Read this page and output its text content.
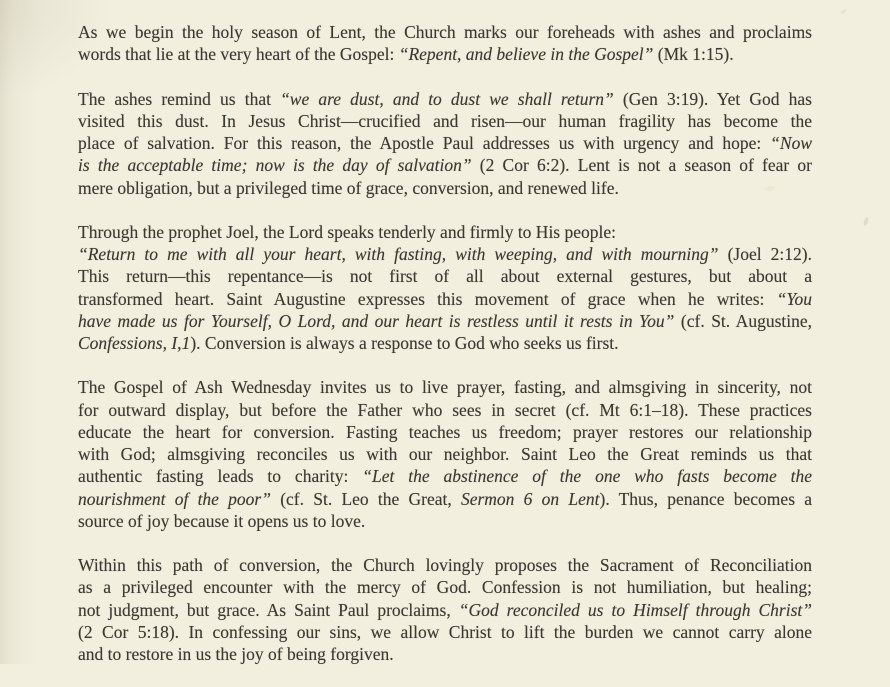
As we begin the holy season of Lent, the Church marks our foreheads with ashes and proclaims
words that lie at the very heart of the Gospel: “Repent, and believe in the Gospel” (Mk 1:15).
The ashes remind us that “we are dust, and to dust we shall return” (Gen 3:19). Yet God has
visited this dust. In Jesus Christ—crucified and risen—our human fragility has become the
place of salvation. For this reason, the Apostle Paul addresses us with urgency and hope: “Now
is the acceptable time; now is the day of salvation” (2 Cor 6:2). Lent is not a season of fear or
mere obligation, but a privileged time of grace, conversion, and renewed life.
Through the prophet Joel, the Lord speaks tenderly and firmly to His people:
“Return to me with all your heart, with fasting, with weeping, and with mourning” (Joel 2:12).
This return—this repentance—is not first of all about external gestures, but about a
transformed heart. Saint Augustine expresses this movement of grace when he writes: “You
have made us for Yourself, O Lord, and our heart is restless until it rests in You” (cf. St. Augustine,
Confessions, I,1). Conversion is always a response to God who seeks us first.
The Gospel of Ash Wednesday invites us to live prayer, fasting, and almsgiving in sincerity, not
for outward display, but before the Father who sees in secret (cf. Mt 6:1–18). These practices
educate the heart for conversion. Fasting teaches us freedom; prayer restores our relationship
with God; almsgiving reconciles us with our neighbor. Saint Leo the Great reminds us that
authentic fasting leads to charity: “Let the abstinence of the one who fasts become the
nourishment of the poor” (cf. St. Leo the Great, Sermon 6 on Lent). Thus, penance becomes a
source of joy because it opens us to love.
Within this path of conversion, the Church lovingly proposes the Sacrament of Reconciliation
as a privileged encounter with the mercy of God. Confession is not humiliation, but healing;
not judgment, but grace. As Saint Paul proclaims, “God reconciled us to Himself through Christ”
(2 Cor 5:18). In confessing our sins, we allow Christ to lift the burden we cannot carry alone
and to restore in us the joy of being forgiven.
